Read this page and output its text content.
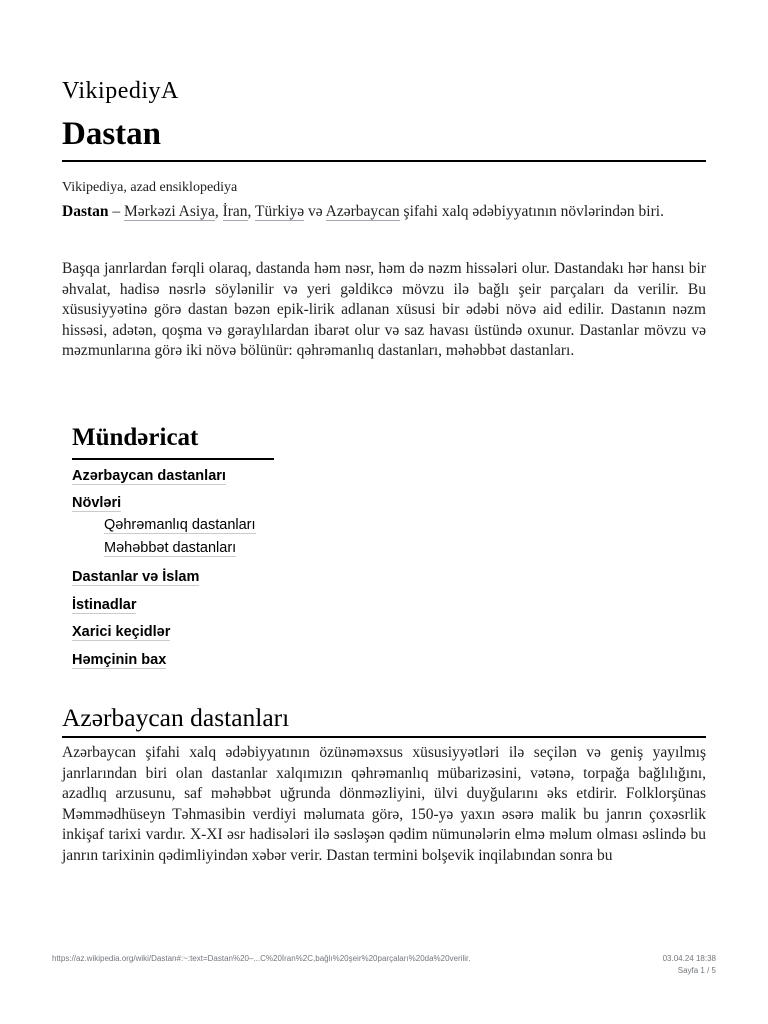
VikipediyA
Dastan
Vikipediya, azad ensiklopediya
Dastan – Mərkəzi Asiya, İran, Türkiyə və Azərbaycan şifahi xalq ədəbiyyatının növlərindən biri.
Başqa janrlardan fərqli olaraq, dastanda həm nəsr, həm də nəzm hissələri olur. Dastandakı hər hansı bir əhvalat, hadisə nəsrlə söylənilir və yeri gəldikcə mövzu ilə bağlı şeir parçaları da verilir. Bu xüsusiyyətinə görə dastan bəzən epik-lirik adlanan xüsusi bir ədəbi növə aid edilir. Dastanın nəzm hissəsi, adətən, qoşma və gəraylılardan ibarət olur və saz havası üstündə oxunur. Dastanlar mövzu və məzmunlarına görə iki növə bölünür: qəhrəmanlıq dastanları, məhəbbət dastanları.
Mündəricat
Azərbaycan dastanları
Növləri
Qəhrəmanlıq dastanları
Məhəbbət dastanları
Dastanlar və İslam
İstinadlar
Xarici keçidlər
Həmçinin bax
Azərbaycan dastanları
Azərbaycan şifahi xalq ədəbiyyatının özünəməxsus xüsusiyyətləri ilə seçilən və geniş yayılmış janrlarından biri olan dastanlar xalqımızın qəhrəmanlıq mübarizəsini, vətənə, torpağa bağlılığını, azadlıq arzusunu, saf məhəbbət uğrunda dönməzliyini, ülvi duyğularını əks etdirir. Folklorşünas Məmmədhüseyn Təhmasibin verdiyi məlumata görə, 150-yə yaxın əsərə malik bu janrın çoxəsrlik inkişaf tarixi vardır. X-XI əsr hadisələri ilə səsləşən qədim nümunələrin elmə məlum olması əslində bu janrın tarixinin qədimliyindən xəbər verir. Dastan termini bolşevik inqilabından sonra bu
https://az.wikipedia.org/wiki/Dastan#:~:text=Dastan%20–...C%20İran%2C,bağlı%20şeir%20parçaları%20da%20verilir.	03.04.24 18:38
Sayfa 1 / 5
